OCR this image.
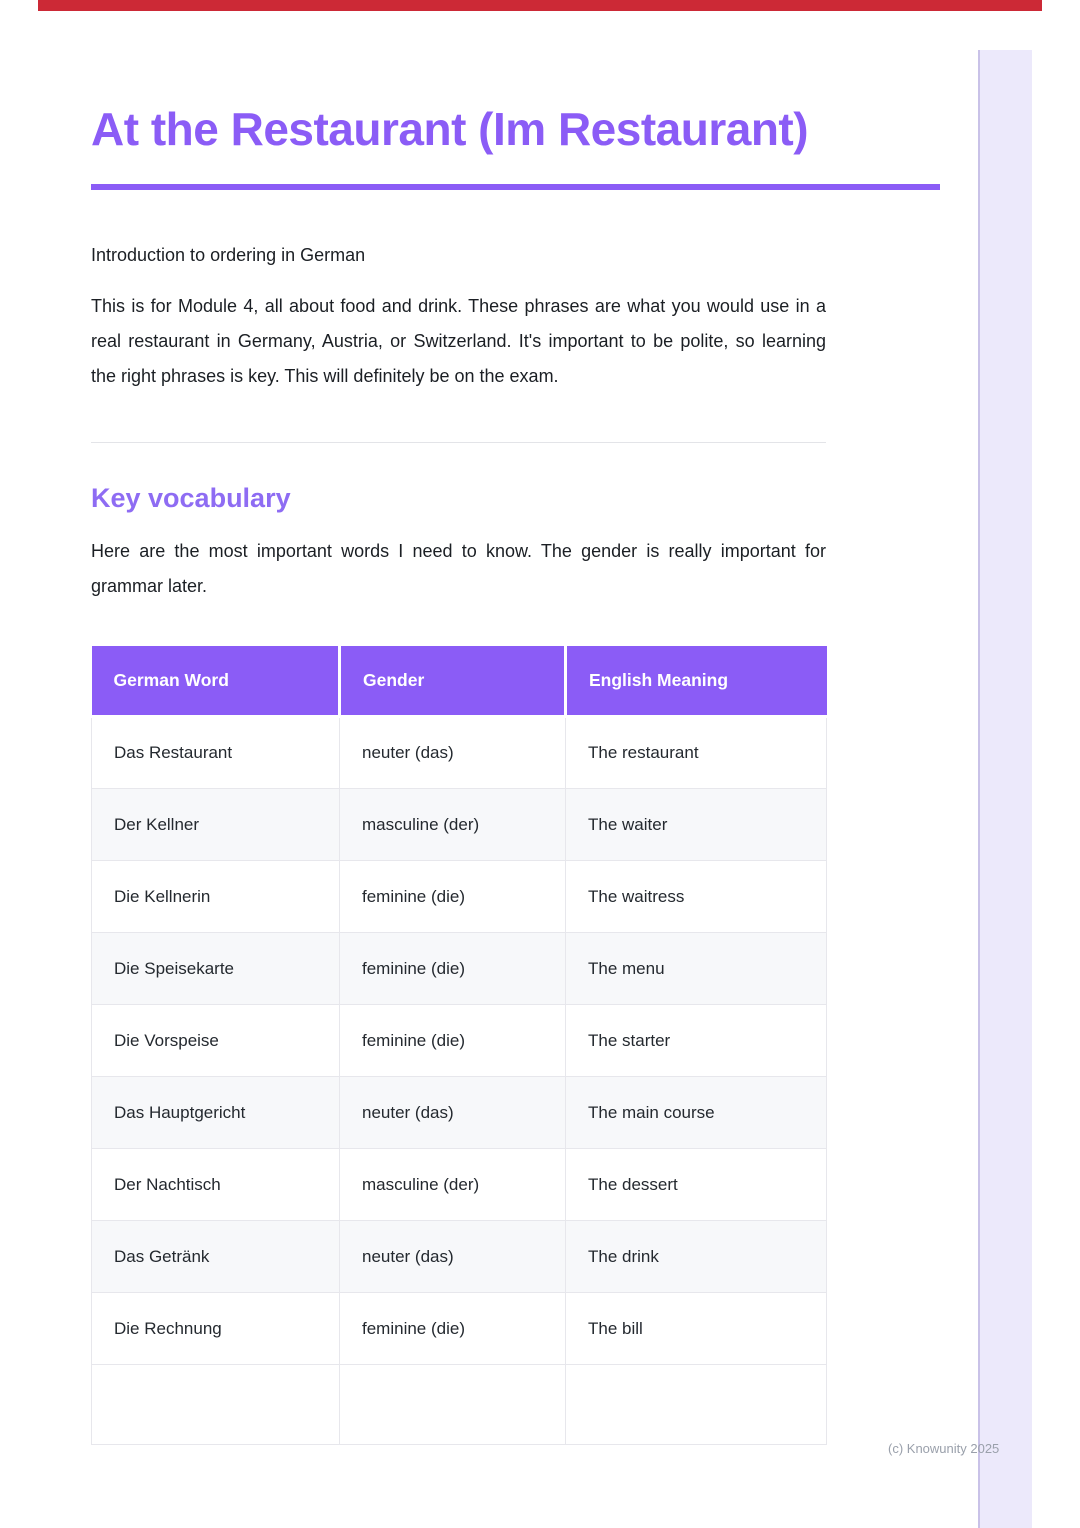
At the Restaurant (Im Restaurant)

Introduction to ordering in German

This is for Module 4, all about food and drink. These phrases are what you would use in a real restaurant in Germany, Austria, or Switzerland. It's important to be polite, so learning the right phrases is key. This will definitely be on the exam.

Key vocabulary

Here are the most important words I need to know. The gender is really important for grammar later.

German Word	Gender	English Meaning
Das Restaurant	neuter (das)	The restaurant
Der Kellner	masculine (der)	The waiter
Die Kellnerin	feminine (die)	The waitress
Die Speisekarte	feminine (die)	The menu
Die Vorspeise	feminine (die)	The starter
Das Hauptgericht	neuter (das)	The main course
Der Nachtisch	masculine (der)	The dessert
Das Getränk	neuter (das)	The drink
Die Rechnung	feminine (die)	The bill

(c) Knowunity 2025
